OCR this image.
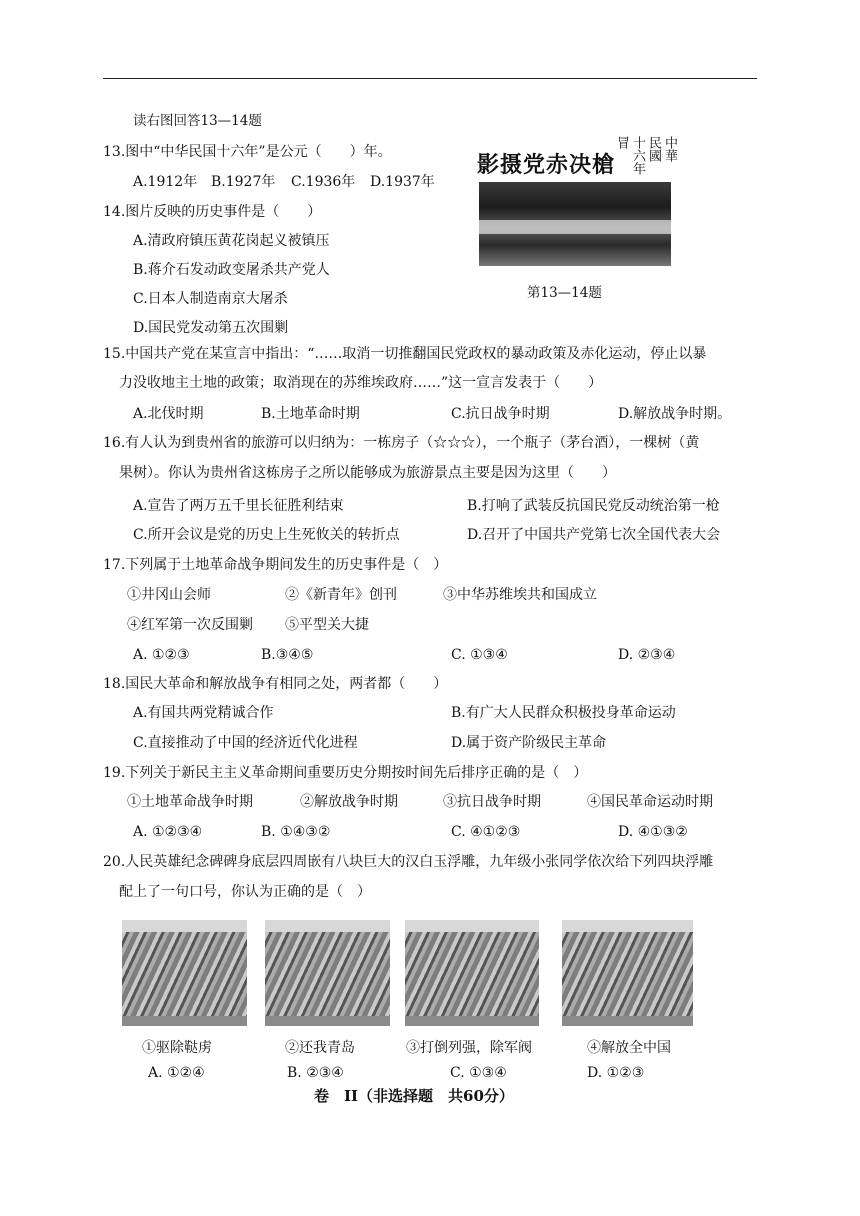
读右图回答13—14题
影摄党赤决槍
中華
民國
十六年
冒
第13—14题
13.图中“中华民国十六年”是公元（　　）年。
A.1912年 B.1927年 C.1936年 D.1937年
14.图片反映的历史事件是（　　）
A.清政府镇压黄花岗起义被镇压
B.蒋介石发动政变屠杀共产党人
C.日本人制造南京大屠杀
D.国民党发动第五次围剿
15.中国共产党在某宣言中指出：“……取消一切推翻国民党政权的暴动政策及赤化运动，停止以暴
力没收地主土地的政策；取消现在的苏维埃政府……”这一宣言发表于（　　）
A.北伐时期	B.土地革命时期	C.抗日战争时期	D.解放战争时期。
16.有人认为到贵州省的旅游可以归纳为：一栋房子（☆☆☆），一个瓶子（茅台酒），一棵树（黄
果树）。你认为贵州省这栋房子之所以能够成为旅游景点主要是因为这里（　　）
A.宣告了两万五千里长征胜利结束	B.打响了武装反抗国民党反动统治第一枪
C.所开会议是党的历史上生死攸关的转折点	D.召开了中国共产党第七次全国代表大会
17.下列属于土地革命战争期间发生的历史事件是（　）
①井冈山会师	②《新青年》创刊	③中华苏维埃共和国成立
④红军第一次反围剿 ⑤平型关大捷
A. ①②③	B.③④⑤	C. ①③④	D. ②③④
18.国民大革命和解放战争有相同之处，两者都（　　）
A.有国共两党精诚合作	B.有广大人民群众积极投身革命运动
C.直接推动了中国的经济近代化进程	D.属于资产阶级民主革命
19.下列关于新民主主义革命期间重要历史分期按时间先后排序正确的是（　）
①土地革命战争时期	②解放战争时期	③抗日战争时期	④国民革命运动时期
A. ①②③④	B. ①④③②	C. ④①②③	D. ④①③②
20.人民英雄纪念碑碑身底层四周嵌有八块巨大的汉白玉浮雕，九年级小张同学依次给下列四块浮雕
配上了一句口号，你认为正确的是（　）
①驱除鞑虏	②还我青岛	③打倒列强，除军阀	④解放全中国
A. ①②④	B. ②③④	C. ①③④	D. ①②③
卷　II（非选择题　共60分）
